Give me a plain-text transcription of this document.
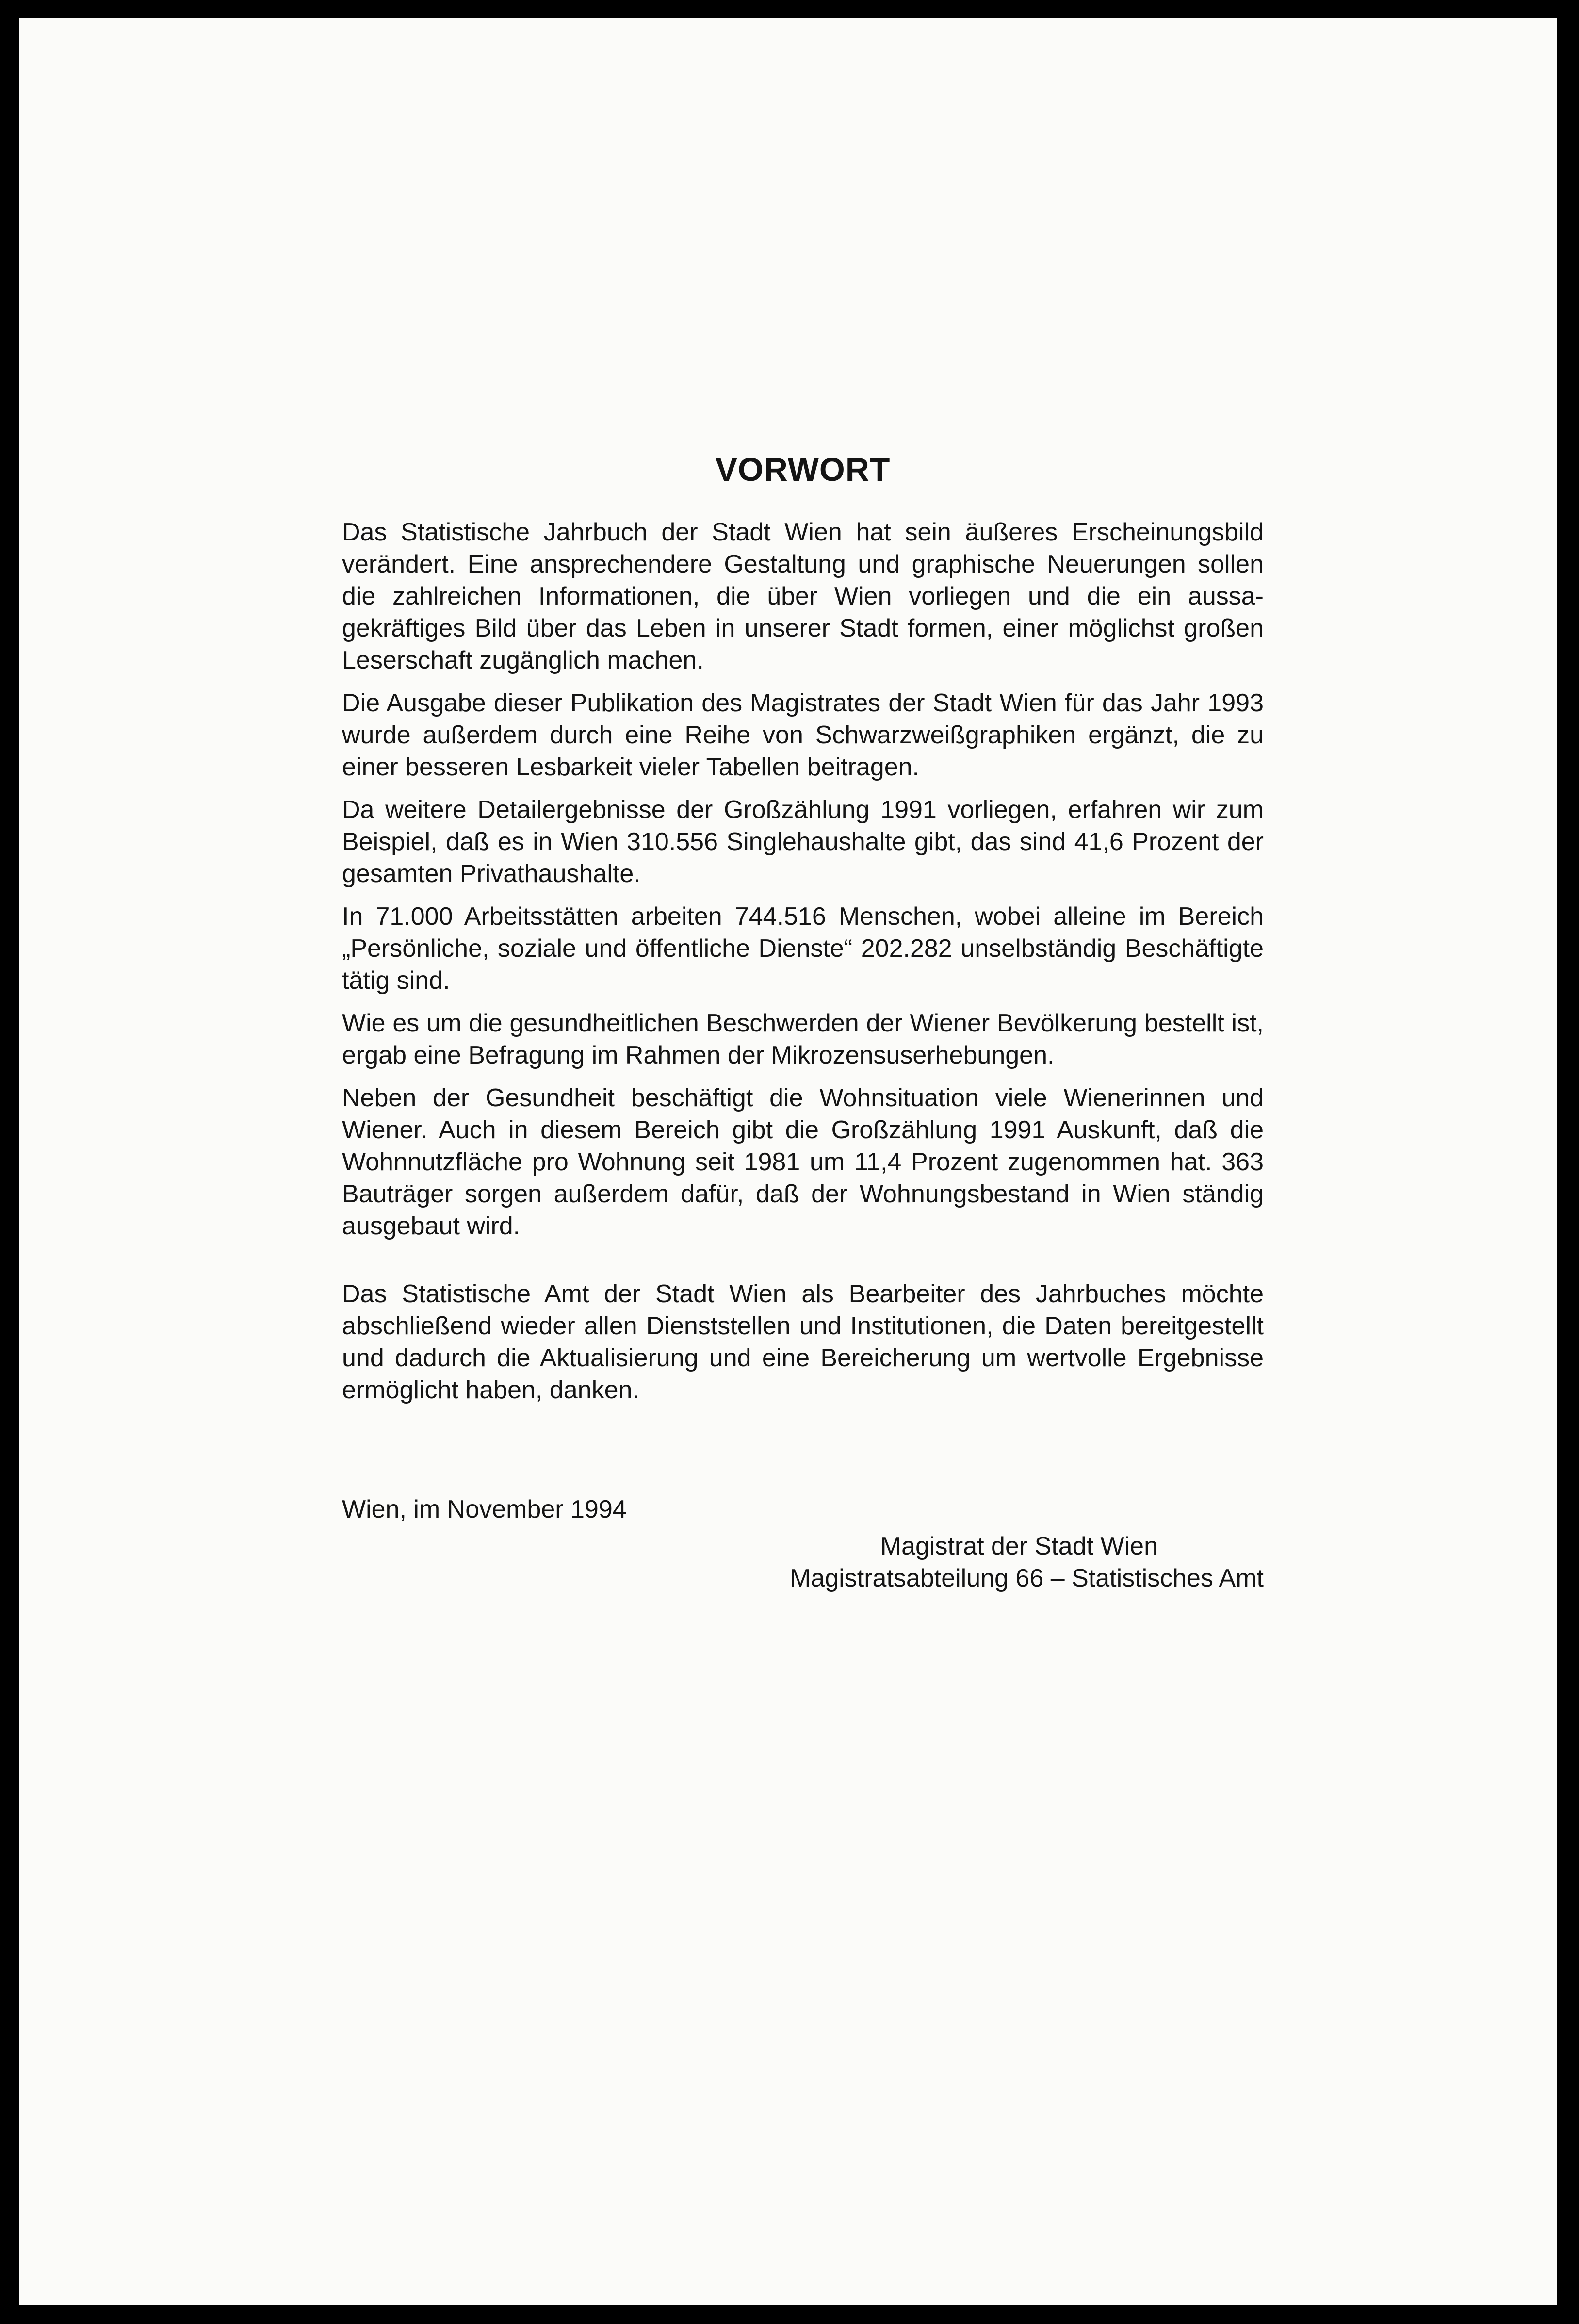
VORWORT

Das Statistische Jahrbuch der Stadt Wien hat sein äußeres Erscheinungsbild verändert. Eine ansprechendere Gestaltung und graphische Neuerungen sollen die zahlreichen Informationen, die über Wien vorliegen und die ein aussagekräftiges Bild über das Leben in unserer Stadt formen, einer möglichst großen Leserschaft zugänglich machen.

Die Ausgabe dieser Publikation des Magistrates der Stadt Wien für das Jahr 1993 wurde außerdem durch eine Reihe von Schwarzweißgraphiken ergänzt, die zu einer besseren Lesbarkeit vieler Tabellen beitragen.

Da weitere Detailergebnisse der Großzählung 1991 vorliegen, erfahren wir zum Beispiel, daß es in Wien 310.556 Singlehaushalte gibt, das sind 41,6 Prozent der gesamten Privathaushalte.

In 71.000 Arbeitsstätten arbeiten 744.516 Menschen, wobei alleine im Bereich „Persönliche, soziale und öffentliche Dienste“ 202.282 unselbständig Beschäftigte tätig sind.

Wie es um die gesundheitlichen Beschwerden der Wiener Bevölkerung bestellt ist, ergab eine Befragung im Rahmen der Mikrozensuserhebungen.

Neben der Gesundheit beschäftigt die Wohnsituation viele Wienerinnen und Wiener. Auch in diesem Bereich gibt die Großzählung 1991 Auskunft, daß die Wohnnutzfläche pro Wohnung seit 1981 um 11,4 Prozent zugenommen hat. 363 Bauträger sorgen außerdem dafür, daß der Wohnungsbestand in Wien ständig ausgebaut wird.

Das Statistische Amt der Stadt Wien als Bearbeiter des Jahrbuches möchte abschließend wieder allen Dienststellen und Institutionen, die Daten bereitgestellt und dadurch die Aktualisierung und eine Bereicherung um wertvolle Ergebnisse ermöglicht haben, danken.

Wien, im November 1994
Magistrat der Stadt Wien
Magistratsabteilung 66 – Statistisches Amt
